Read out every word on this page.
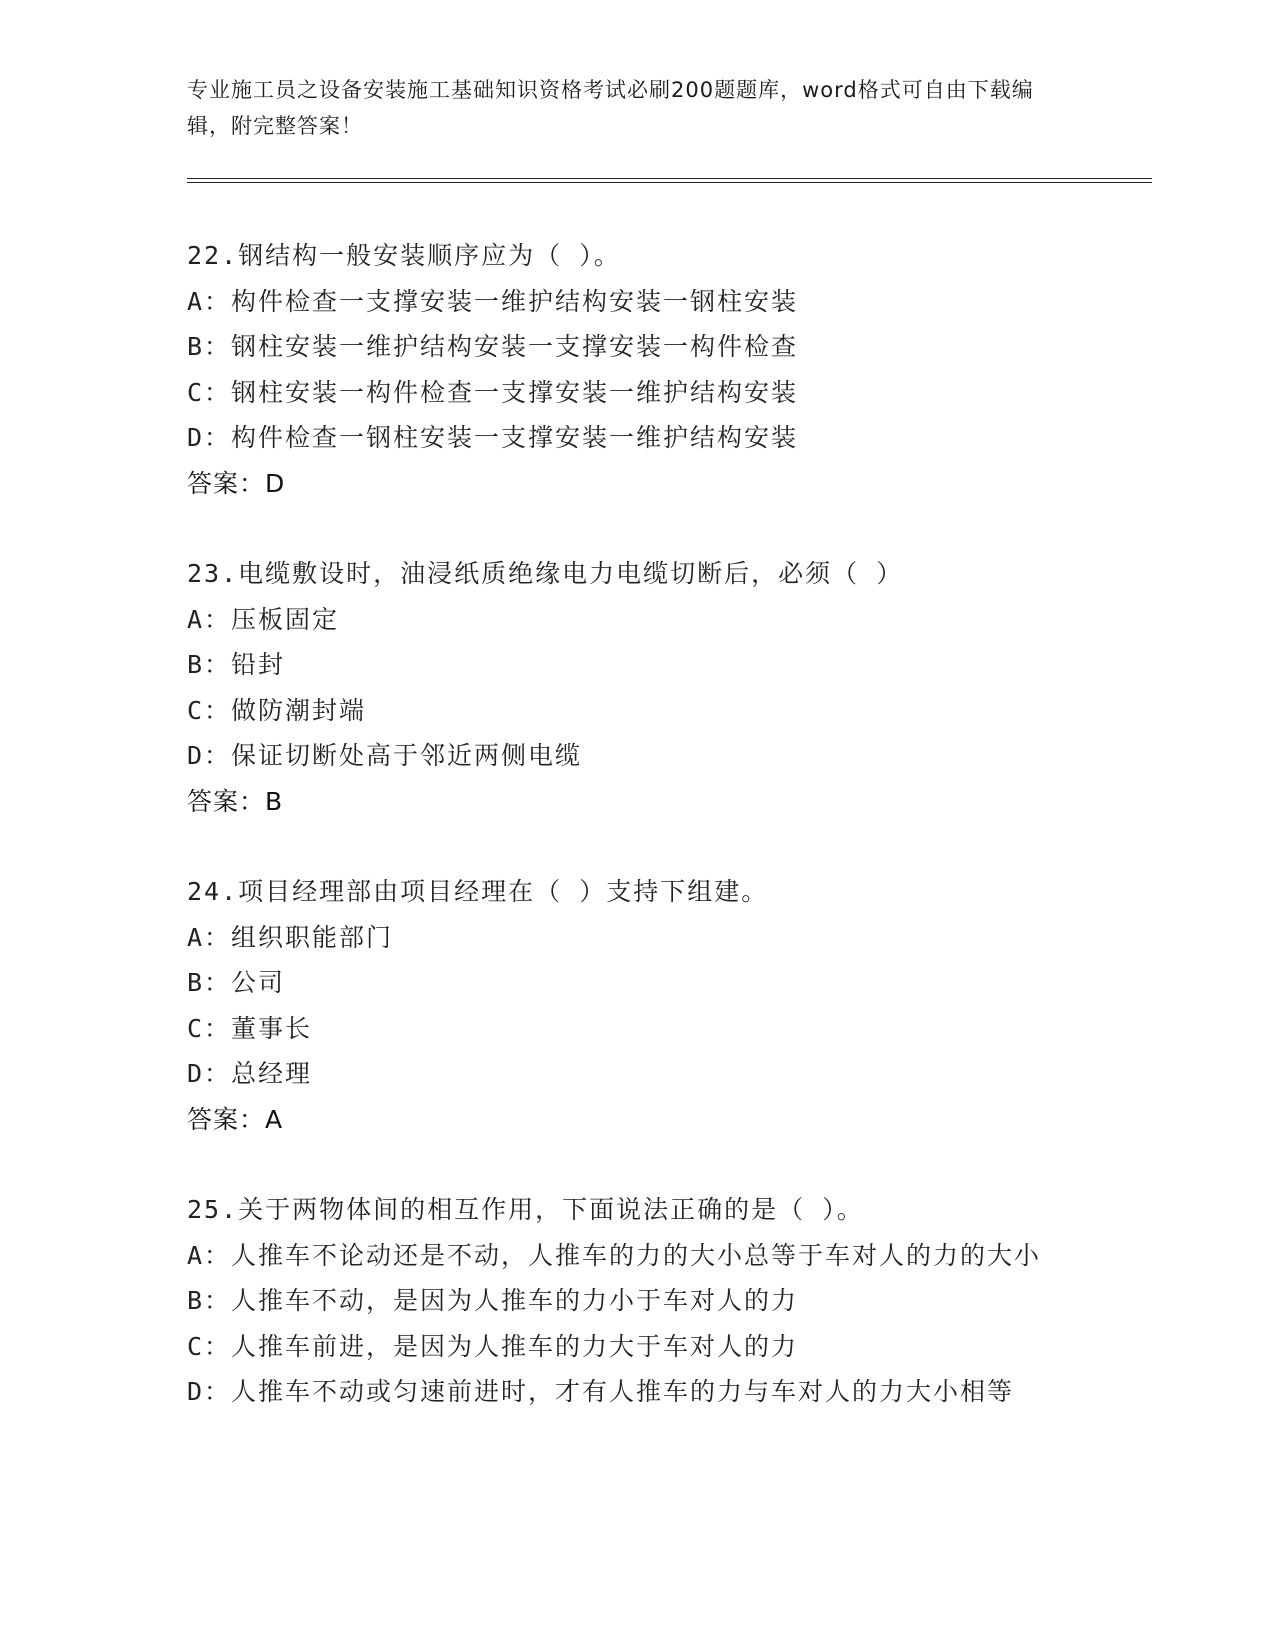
专业施工员之设备安装施工基础知识资格考试必刷200题题库，word格式可自由下载编辑，附完整答案！
22.钢结构一般安装顺序应为（ ）。
A：构件检查一支撑安装一维护结构安装一钢柱安装
B：钢柱安装一维护结构安装一支撑安装一构件检查
C：钢柱安装一构件检查一支撑安装一维护结构安装
D：构件检查一钢柱安装一支撑安装一维护结构安装
答案：D
23.电缆敷设时，油浸纸质绝缘电力电缆切断后，必须（ ）
A：压板固定
B：铅封
C：做防潮封端
D：保证切断处高于邻近两侧电缆
答案：B
24.项目经理部由项目经理在（ ）支持下组建。
A：组织职能部门
B：公司
C：董事长
D：总经理
答案：A
25.关于两物体间的相互作用，下面说法正确的是（ ）。
A：人推车不论动还是不动，人推车的力的大小总等于车对人的力的大小
B：人推车不动，是因为人推车的力小于车对人的力
C：人推车前进，是因为人推车的力大于车对人的力
D：人推车不动或匀速前进时，才有人推车的力与车对人的力大小相等
